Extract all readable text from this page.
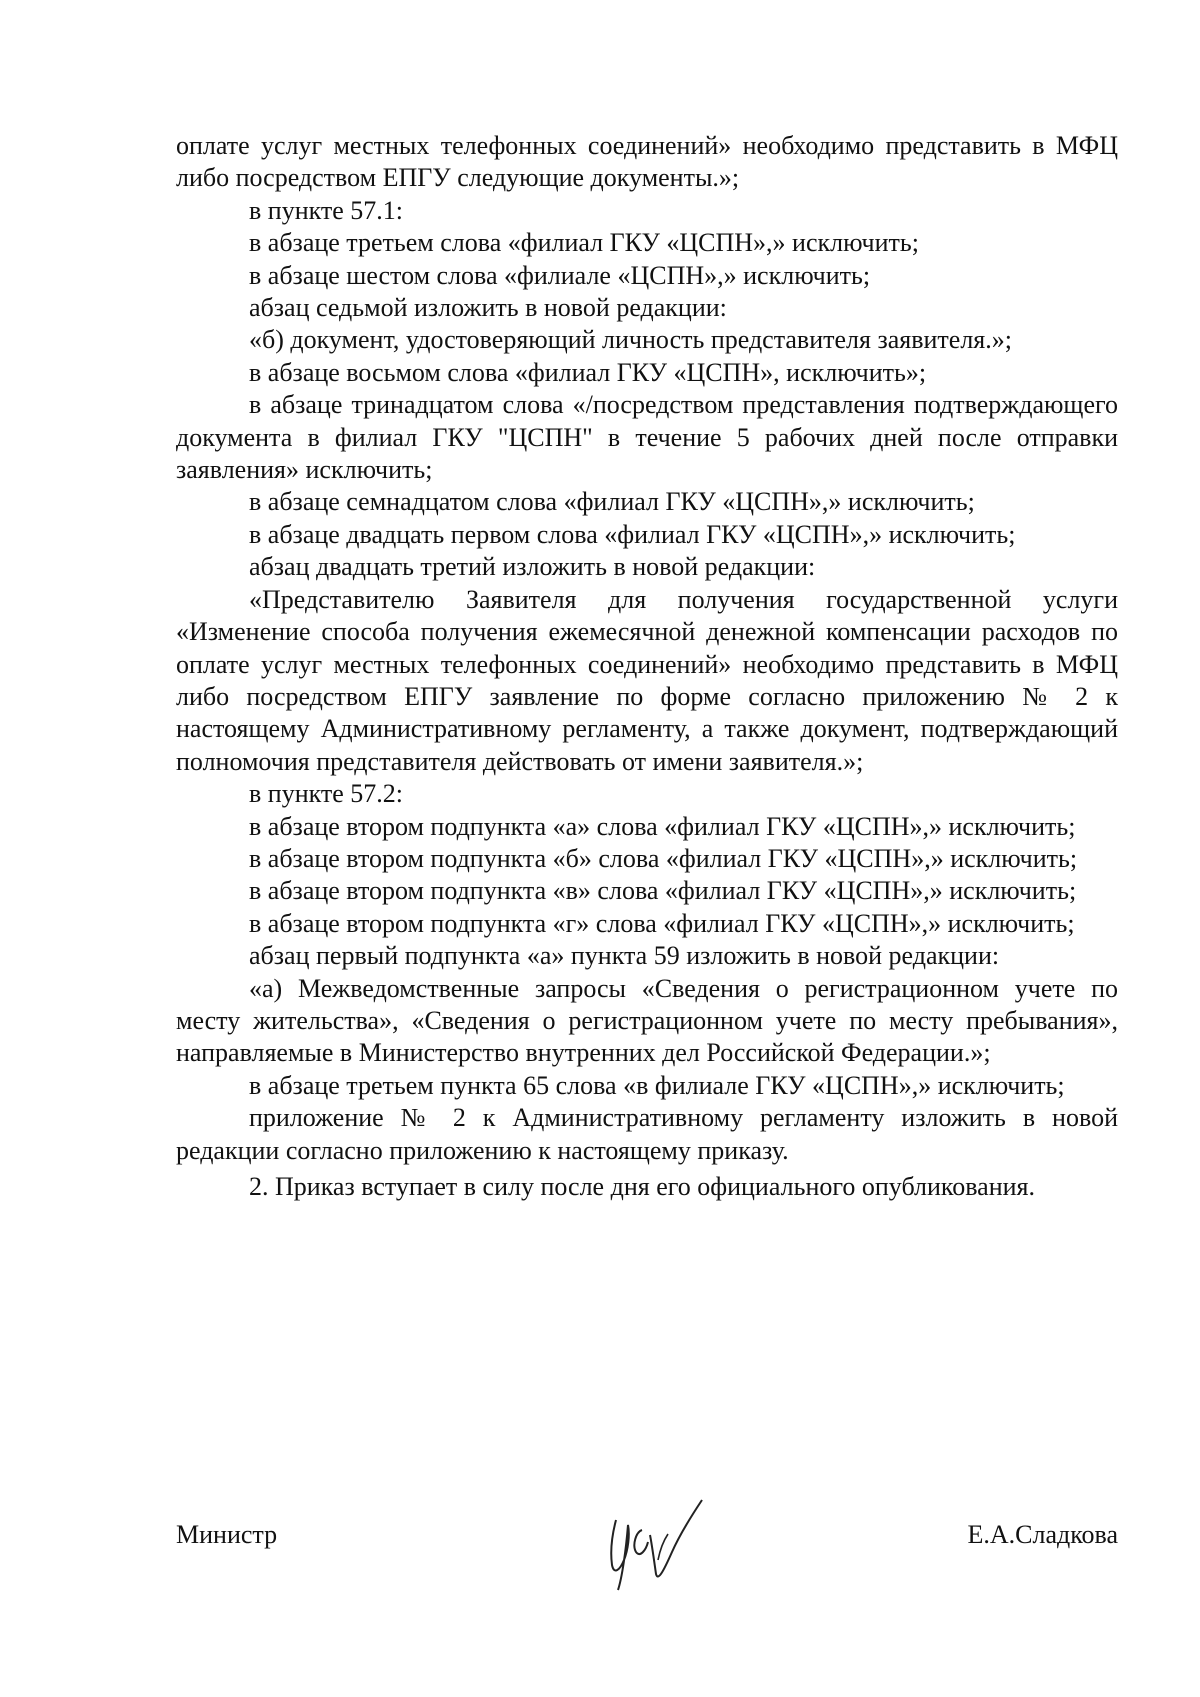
оплате услуг местных телефонных соединений» необходимо представить в МФЦ либо посредством ЕПГУ следующие документы.»;

в пункте 57.1:

в абзаце третьем слова «филиал ГКУ «ЦСПН»,» исключить;

в абзаце шестом слова «филиале «ЦСПН»,» исключить;

абзац седьмой изложить в новой редакции:

«б) документ, удостоверяющий личность представителя заявителя.»;

в абзаце восьмом слова «филиал ГКУ «ЦСПН», исключить»;

в абзаце тринадцатом слова «/посредством представления подтверждающего документа в филиал ГКУ "ЦСПН" в течение 5 рабочих дней после отправки заявления» исключить;

в абзаце семнадцатом слова «филиал ГКУ «ЦСПН»,» исключить;

в абзаце двадцать первом слова «филиал ГКУ «ЦСПН»,» исключить;

абзац двадцать третий изложить в новой редакции:

«Представителю Заявителя для получения государственной услуги «Изменение способа получения ежемесячной денежной компенсации расходов по оплате услуг местных телефонных соединений» необходимо представить в МФЦ либо посредством ЕПГУ заявление по форме согласно приложению № 2 к настоящему Административному регламенту, а также документ, подтверждающий полномочия представителя действовать от имени заявителя.»;

в пункте 57.2:

в абзаце втором подпункта «а» слова «филиал ГКУ «ЦСПН»,» исключить;

в абзаце втором подпункта «б» слова «филиал ГКУ «ЦСПН»,» исключить;

в абзаце втором подпункта «в» слова «филиал ГКУ «ЦСПН»,» исключить;

в абзаце втором подпункта «г» слова «филиал ГКУ «ЦСПН»,» исключить;

абзац первый подпункта «а» пункта 59 изложить в новой редакции:

«а) Межведомственные запросы «Сведения о регистрационном учете по месту жительства», «Сведения о регистрационном учете по месту пребывания», направляемые в Министерство внутренних дел Российской Федерации.»;

в абзаце третьем пункта 65 слова «в филиале ГКУ «ЦСПН»,» исключить;

приложение № 2 к Административному регламенту изложить в новой редакции согласно приложению к настоящему приказу.

2. Приказ вступает в силу после дня его официального опубликования.

Министр	Е.А.Сладкова
